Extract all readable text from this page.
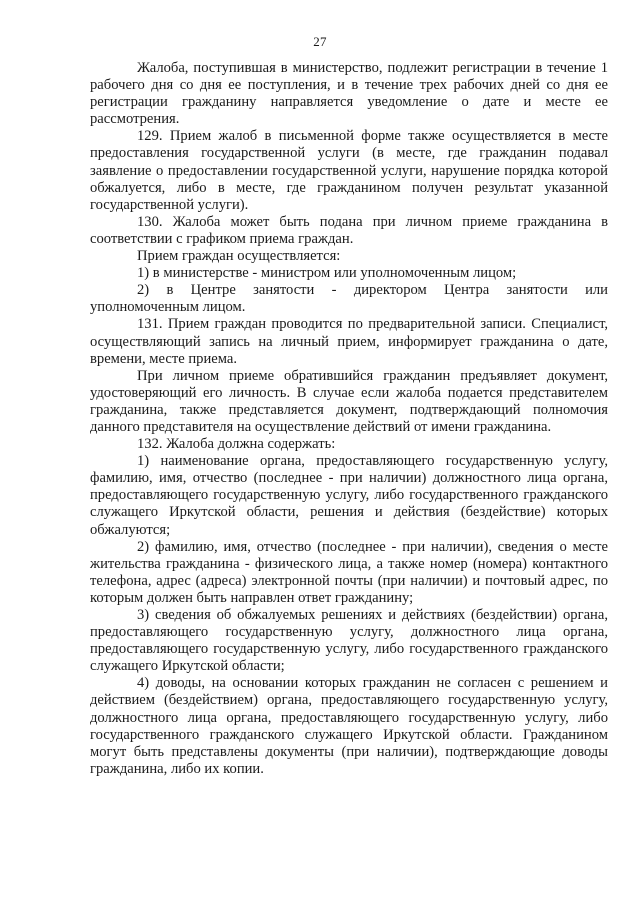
27

Жалоба, поступившая в министерство, подлежит регистрации в течение 1 рабочего дня со дня ее поступления, и в течение трех рабочих дней со дня ее регистрации гражданину направляется уведомление о дате и месте ее рассмотрения.

129. Прием жалоб в письменной форме также осуществляется в месте предоставления государственной услуги (в месте, где гражданин подавал заявление о предоставлении государственной услуги, нарушение порядка которой обжалуется, либо в месте, где гражданином получен результат указанной государственной услуги).

130. Жалоба может быть подана при личном приеме гражданина в соответствии с графиком приема граждан.

Прием граждан осуществляется:

1) в министерстве - министром или уполномоченным лицом;

2) в Центре занятости - директором Центра занятости или уполномоченным лицом.

131. Прием граждан проводится по предварительной записи. Специалист, осуществляющий запись на личный прием, информирует гражданина о дате, времени, месте приема.

При личном приеме обратившийся гражданин предъявляет документ, удостоверяющий его личность. В случае если жалоба подается представителем гражданина, также представляется документ, подтверждающий полномочия данного представителя на осуществление действий от имени гражданина.

132. Жалоба должна содержать:

1) наименование органа, предоставляющего государственную услугу, фамилию, имя, отчество (последнее - при наличии) должностного лица органа, предоставляющего государственную услугу, либо государственного гражданского служащего Иркутской области, решения и действия (бездействие) которых обжалуются;

2) фамилию, имя, отчество (последнее - при наличии), сведения о месте жительства гражданина - физического лица, а также номер (номера) контактного телефона, адрес (адреса) электронной почты (при наличии) и почтовый адрес, по которым должен быть направлен ответ гражданину;

3) сведения об обжалуемых решениях и действиях (бездействии) органа, предоставляющего государственную услугу, должностного лица органа, предоставляющего государственную услугу, либо государственного гражданского служащего Иркутской области;

4) доводы, на основании которых гражданин не согласен с решением и действием (бездействием) органа, предоставляющего государственную услугу, должностного лица органа, предоставляющего государственную услугу, либо государственного гражданского служащего Иркутской области. Гражданином могут быть представлены документы (при наличии), подтверждающие доводы гражданина, либо их копии.
